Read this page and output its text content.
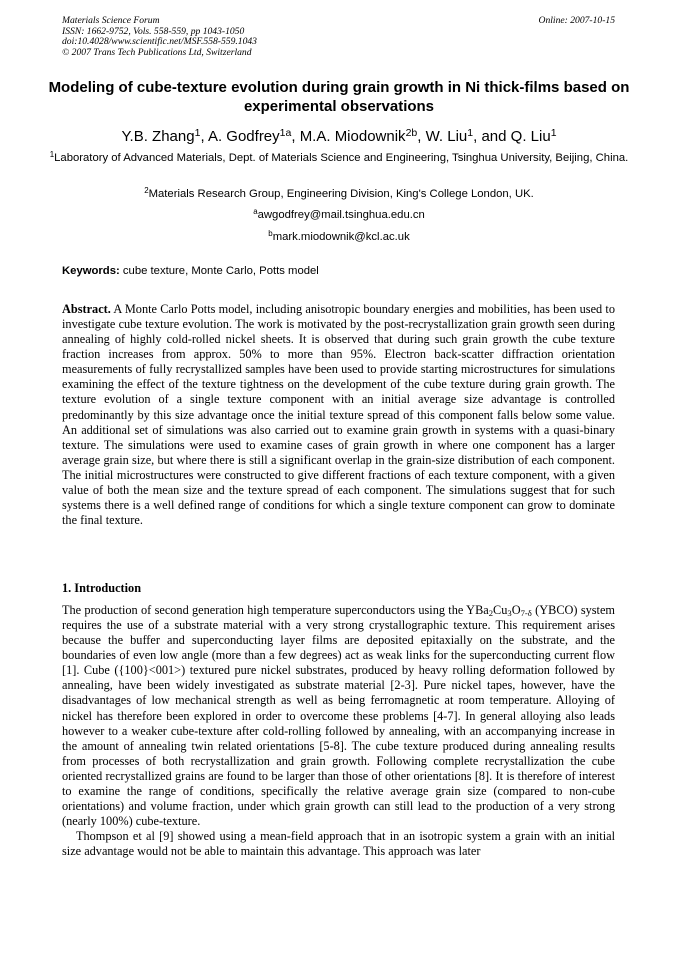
Materials Science Forum
ISSN: 1662-9752, Vols. 558-559, pp 1043-1050
doi:10.4028/www.scientific.net/MSF.558-559.1043
© 2007 Trans Tech Publications Ltd, Switzerland
Online: 2007-10-15
Modeling of cube-texture evolution during grain growth in Ni thick-films based on experimental observations
Y.B. Zhang$^1$, A. Godfrey$^{1a}$, M.A. Miodownik$^{2b}$, W. Liu$^1$, and Q. Liu$^1$
$^1$Laboratory of Advanced Materials, Dept. of Materials Science and Engineering, Tsinghua University, Beijing, China.
$^2$Materials Research Group, Engineering Division, King's College London, UK.
$^a$awgodfrey@mail.tsinghua.edu.cn
$^b$mark.miodownik@kcl.ac.uk
Keywords: cube texture, Monte Carlo, Potts model

Abstract. A Monte Carlo Potts model, including anisotropic boundary energies and mobilities, has been used to investigate cube texture evolution. The work is motivated by the post-recrystallization grain growth seen during annealing of highly cold-rolled nickel sheets. It is observed that during such grain growth the cube texture fraction increases from approx. 50% to more than 95%. Electron back-scatter diffraction orientation measurements of fully recrystallized samples have been used to provide starting microstructures for simulations examining the effect of the texture tightness on the development of the cube texture during grain growth. The texture evolution of a single texture component with an initial average size advantage is controlled predominantly by this size advantage once the initial texture spread of this component falls below some value. An additional set of simulations was also carried out to examine grain growth in systems with a quasi-binary texture. The simulations were used to examine cases of grain growth in where one component has a larger average grain size, but where there is still a significant overlap in the grain-size distribution of each component. The initial microstructures were constructed to give different fractions of each texture component, with a given value of both the mean size and the texture spread of each component. The simulations suggest that for such systems there is a well defined range of conditions for which a single texture component can grow to dominate the final texture.

1. Introduction

The production of second generation high temperature superconductors using the $YBa_2Cu_3O_{7-\delta}$ (YBCO) system requires the use of a substrate material with a very strong crystallographic texture. This requirement arises because the buffer and superconducting layer films are deposited epitaxially on the substrate, and the boundaries of even low angle (more than a few degrees) act as weak links for the superconducting current flow [1]. Cube ({100}<001>) textured pure nickel substrates, produced by heavy rolling deformation followed by annealing, have been widely investigated as substrate material [2-3]. Pure nickel tapes, however, have the disadvantages of low mechanical strength as well as being ferromagnetic at room temperature. Alloying of nickel has therefore been explored in order to overcome these problems [4-7]. In general alloying also leads however to a weaker cube-texture after cold-rolling followed by annealing, with an accompanying increase in the amount of annealing twin related orientations [5-8]. The cube texture produced during annealing results from processes of both recrystallization and grain growth. Following complete recrystallization the cube oriented recrystallized grains are found to be larger than those of other orientations [8]. It is therefore of interest to examine the range of conditions, specifically the relative average grain size (compared to non-cube orientations) and volume fraction, under which grain growth can still lead to the production of a very strong (nearly 100%) cube-texture.

Thompson et al [9] showed using a mean-field approach that in an isotropic system a grain with an initial size advantage would not be able to maintain this advantage. This approach was later
